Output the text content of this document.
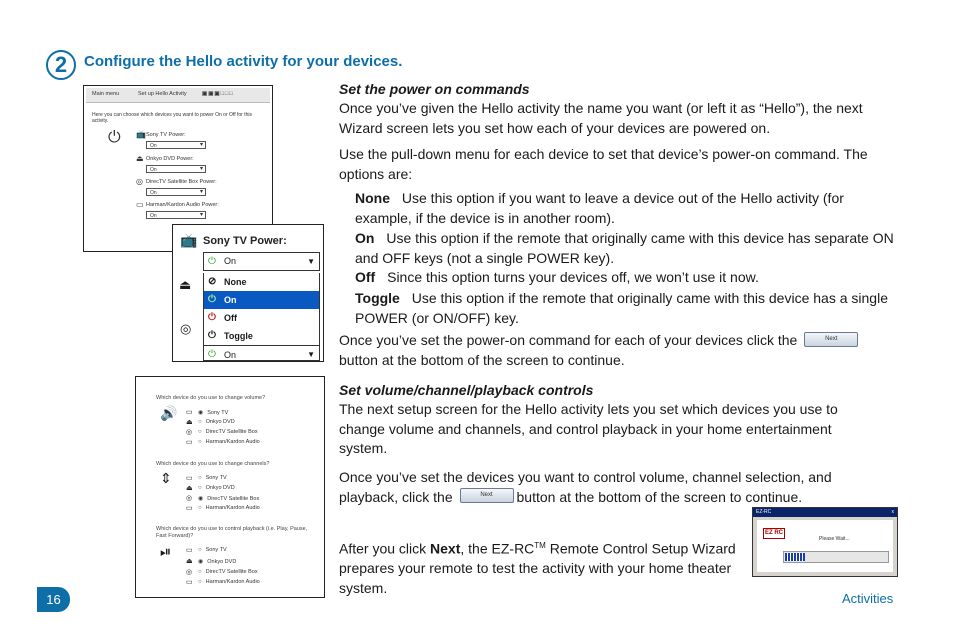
2	Configure the Hello activity for your devices.
Main menu	Set up Hello Activity	▣▣▣□□□
Here you can choose which devices you want to power On or Off for this activity.
⏻ 📺 Sony TV Power:
On ▾
⏏ Onkyo DVD Power:
On ▾
◎ DirecTV Satellite Box Power:
On ▾
▭ Harman/Kardon Audio Power:
On ▾
📺 Sony TV Power:
⏻ On ▼
⏏
◎
⊘ None
⏻ On
⏻ Off
⏻ Toggle
⏻ On	▼
Set the power on commands
Once you’ve given the Hello activity the name you want (or left it as “Hello”), the next Wizard screen lets you set how each of your devices are powered on.
Use the pull-down menu for each device to set that device’s power-on command. The options are:
None Use this option if you want to leave a device out of the Hello activity (for example, if the device is in another room).
On Use this option if the remote that originally came with this device has separate ON and OFF keys (not a single POWER key).
Off Since this option turns your devices off, we won’t use it now.
Toggle Use this option if the remote that originally came with this device has a single POWER (or ON/OFF) key.
Once you’ve set the power-on command for each of your devices click the	Nextbutton at the bottom of the screen to continue.
Which device do you use to change volume?
🔊 ▭ ◉ Sony TV
⏏ ○ Onkyo DVD
◎ ○ DirecTV Satellite Box
▭ ○ Harman/Kardon Audio
Which device do you use to change channels?
⇕ ▭ ○ Sony TV
⏏ ○ Onkyo DVD
◎ ◉ DirecTV Satellite Box
▭ ○ Harman/Kardon Audio
Which device do you use to control playback (i.e. Play, Pause, Fast Forward)?
⏯ ▭ ○ Sony TV
⏏ ◉ Onkyo DVD
◎ ○ DirecTV Satellite Box
▭ ○ Harman/Kardon Audio
Set volume/channel/playback controls
The next setup screen for the Hello activity lets you set which devices you use to change volume and channels, and control playback in your home entertainment system.
Once you’ve set the devices you want to control volume, channel selection, and playback, click the	Next button at the bottom of the screen to continue.
After you click Next, the EZ-RC™ Remote Control Setup Wizard prepares your remote to test the activity with your home theater system.
EZ-RC x
EZ RC
Please Wait...
16	Activities
